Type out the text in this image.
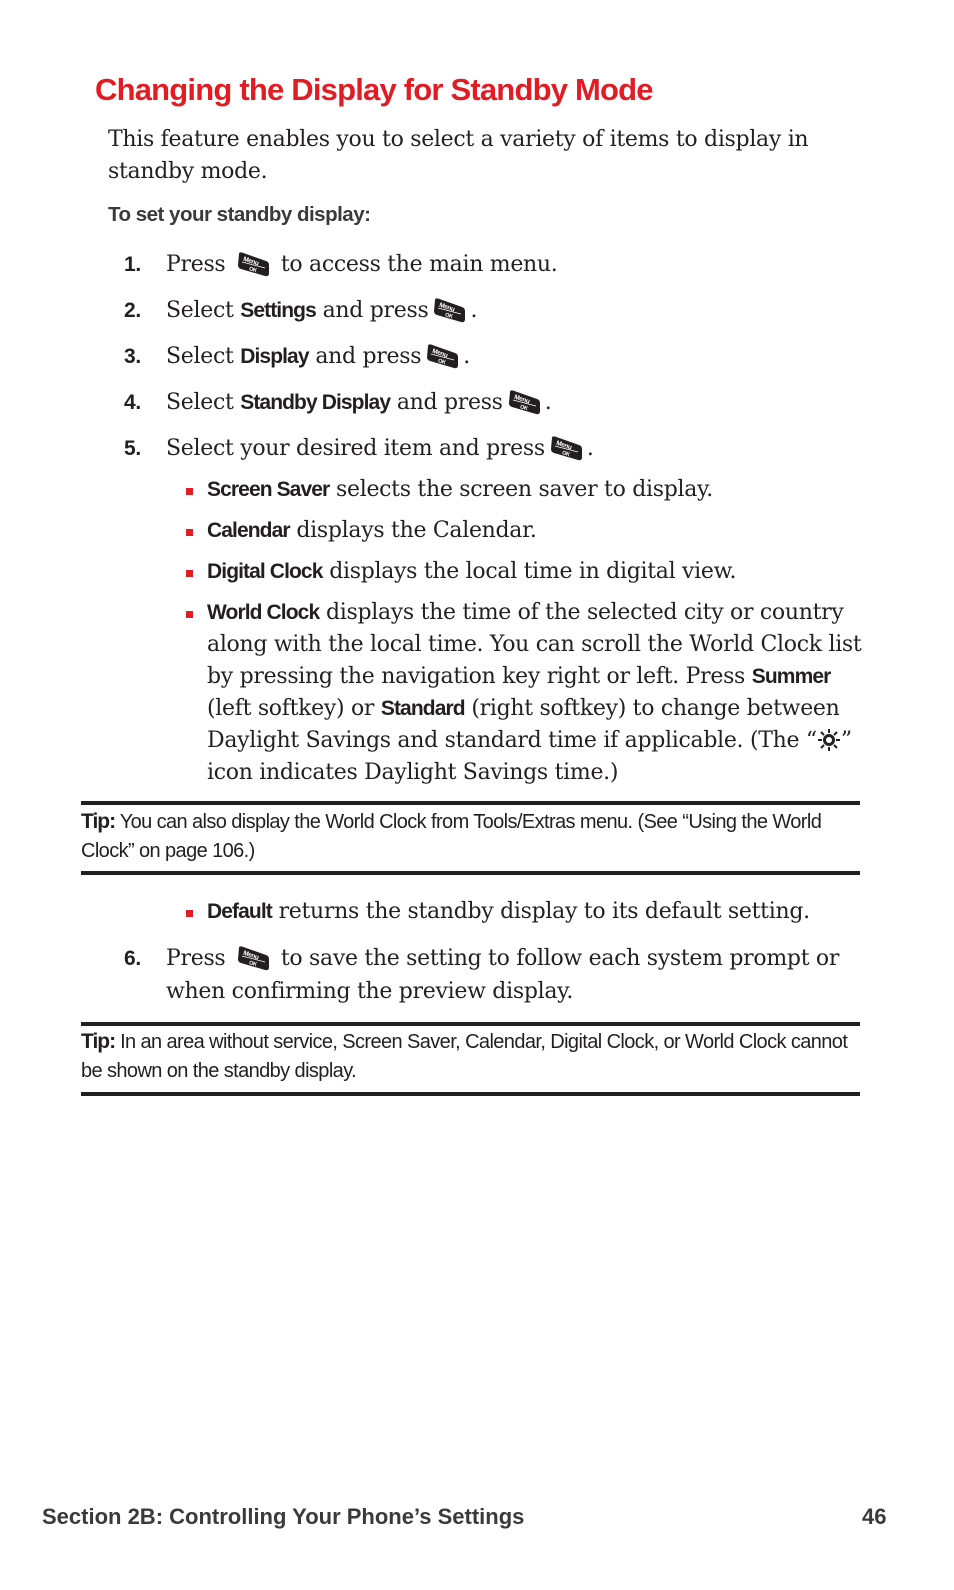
Changing the Display for Standby Mode

This feature enables you to select a variety of items to display in standby mode.

To set your standby display:

1.	Press	Menu
OK to access the main menu.
2.	Select Settings and press Menu
OK .
3.	Select Display and press Menu
OK .
4.	Select Standby Display and press Menu
OK .
5.	Select your desired item and press Menu
OK .
Screen Saver selects the screen saver to display.
Calendar displays the Calendar.
Digital Clock displays the local time in digital view.
World Clock displays the time of the selected city or country along with the local time. You can scroll the World Clock list by pressing the navigation key right or left. Press Summer (left softkey) or Standard (right softkey) to change between Daylight Savings and standard time if applicable. (The “ ” icon indicates Daylight Savings time.)

Tip: You can also display the World Clock from Tools/Extras menu. (See “Using the World Clock” on page 106.)

Default returns the standby display to its default setting.
6.	Press	Menu
OK to save the setting to follow each system prompt or when confirming the preview display.

Tip: In an area without service, Screen Saver, Calendar, Digital Clock, or World Clock cannot be shown on the standby display.

Section 2B: Controlling Your Phone’s Settings	46
